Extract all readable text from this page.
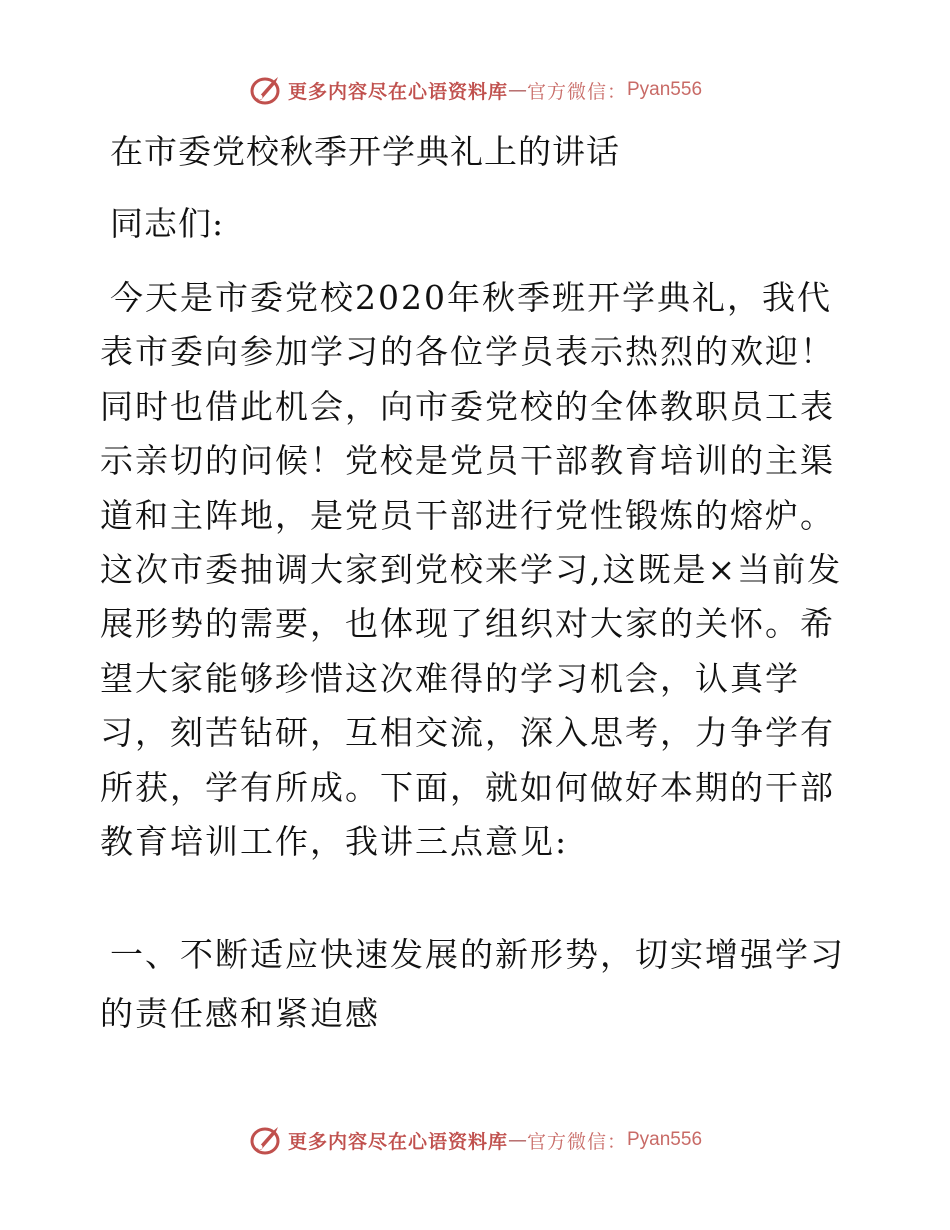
更多内容尽在心语资料库 — 官方微信： Pyan556
在市委党校秋季开学典礼上的讲话

同志们:

今天是市委党校2020年秋季班开学典礼，我代表市委向参加学习的各位学员表示热烈的欢迎！同时也借此机会，向市委党校的全体教职员工表示亲切的问候！党校是党员干部教育培训的主渠道和主阵地，是党员干部进行党性锻炼的熔炉。这次市委抽调大家到党校来学习,这既是×当前发展形势的需要，也体现了组织对大家的关怀。希望大家能够珍惜这次难得的学习机会，认真学习，刻苦钻研，互相交流，深入思考，力争学有所获，学有所成。下面，就如何做好本期的干部教育培训工作，我讲三点意见:

一、不断适应快速发展的新形势，切实增强学习的责任感和紧迫感
更多内容尽在心语资料库 — 官方微信： Pyan556
